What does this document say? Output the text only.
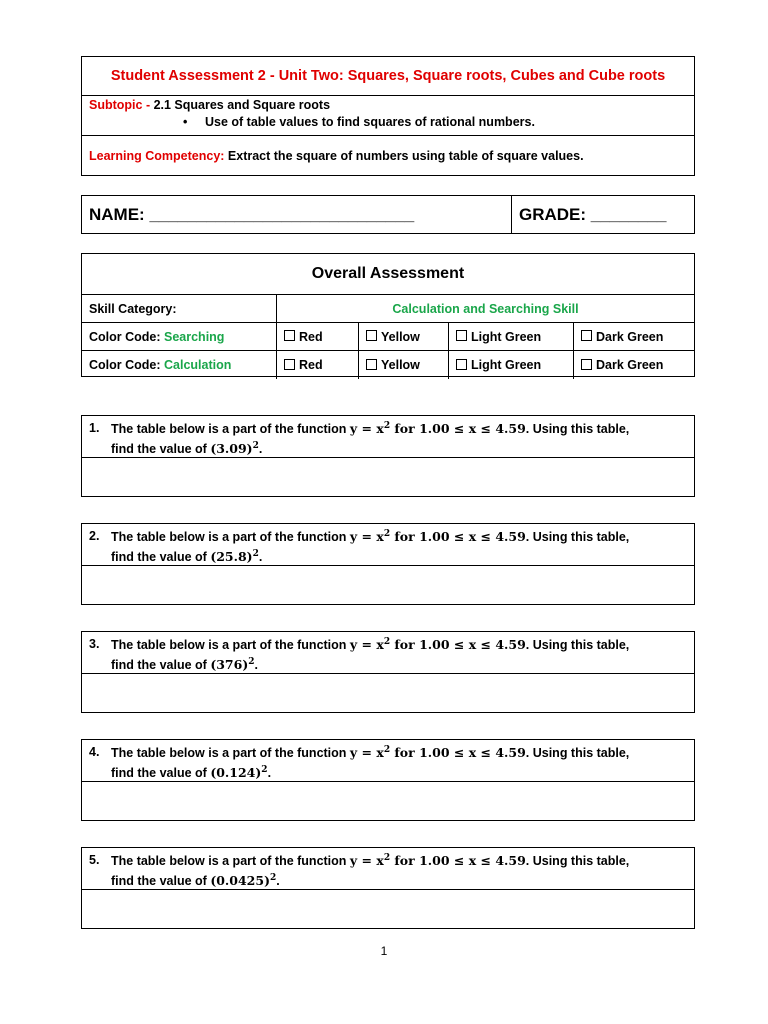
Student Assessment 2 - Unit Two: Squares, Square roots, Cubes and Cube roots
Subtopic - 2.1 Squares and Square roots
• Use of table values to find squares of rational numbers.
Learning Competency: Extract the square of numbers using table of square values.
NAME: ____________________________	GRADE: ________
Overall Assessment
Skill Category:	Calculation and Searching Skill
Color Code: Searching	Red	Yellow	Light Green	Dark Green
Color Code: Calculation	Red	Yellow	Light Green	Dark Green
1. The table below is a part of the function $y = x^2$ for 1.00 ≤ x ≤ 4.59. Using this table,
find the value of $(3.09)^2$.
2. The table below is a part of the function $y = x^2$ for 1.00 ≤ x ≤ 4.59. Using this table,
find the value of $(25.8)^2$.
3. The table below is a part of the function $y = x^2$ for 1.00 ≤ x ≤ 4.59. Using this table,
find the value of $(376)^2$.
4. The table below is a part of the function $y = x^2$ for 1.00 ≤ x ≤ 4.59. Using this table,
find the value of $(0.124)^2$.
5. The table below is a part of the function $y = x^2$ for 1.00 ≤ x ≤ 4.59. Using this table,
find the value of $(0.0425)^2$.
1
